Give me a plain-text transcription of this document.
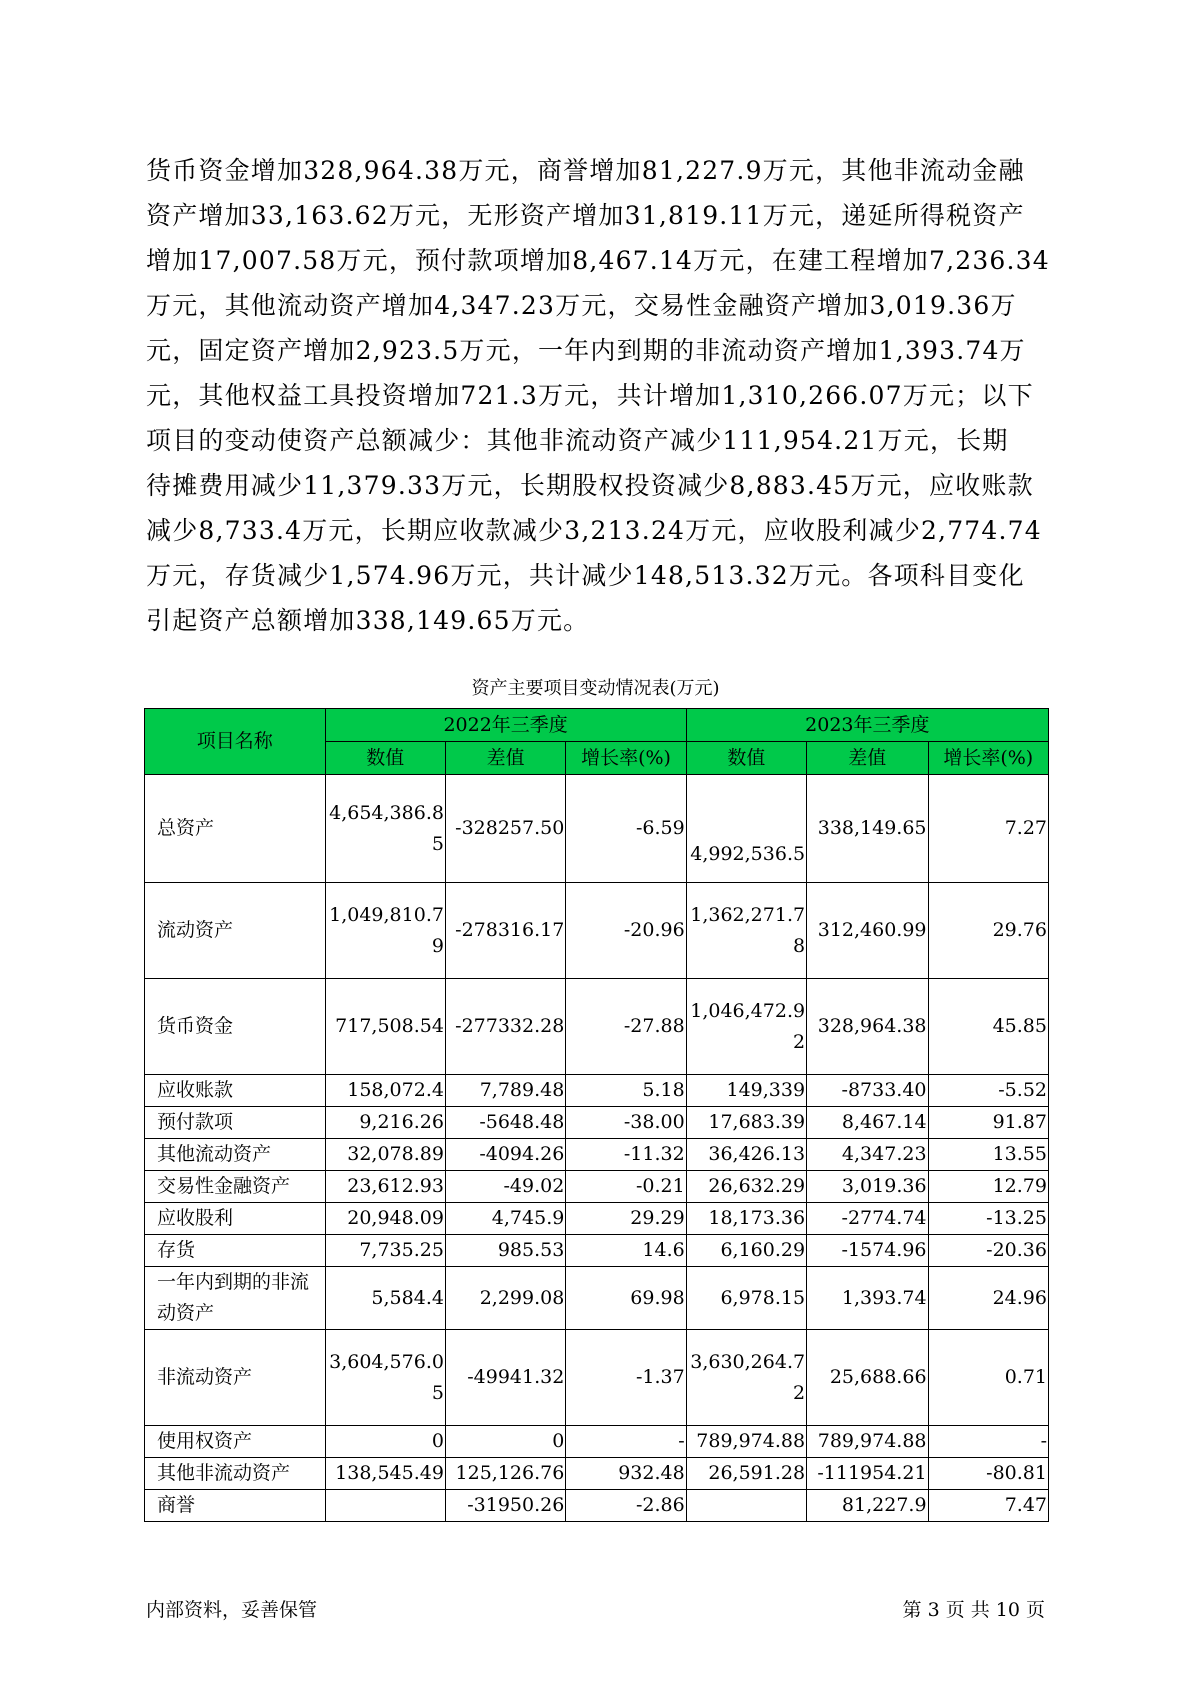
货币资金增加328,964.38万元，商誉增加81,227.9万元，其他非流动金融

资产增加33,163.62万元，无形资产增加31,819.11万元，递延所得税资产

增加17,007.58万元，预付款项增加8,467.14万元，在建工程增加7,236.34

万元，其他流动资产增加4,347.23万元，交易性金融资产增加3,019.36万

元，固定资产增加2,923.5万元，一年内到期的非流动资产增加1,393.74万

元，其他权益工具投资增加721.3万元，共计增加1,310,266.07万元；以下

项目的变动使资产总额减少：其他非流动资产减少111,954.21万元，长期

待摊费用减少11,379.33万元，长期股权投资减少8,883.45万元，应收账款

减少8,733.4万元，长期应收款减少3,213.24万元，应收股利减少2,774.74

万元，存货减少1,574.96万元，共计减少148,513.32万元。各项科目变化

引起资产总额增加338,149.65万元。

资产主要项目变动情况表(万元)
项目名称	2022年三季度			2023年三季度		
	数值	差值	增长率(%)	数值	差值	增长率(%)
总资产	4,654,386.85	-328257.50	-6.59	4,992,536.5	338,149.65	7.27
流动资产	1,049,810.79	-278316.17	-20.96	1,362,271.78	312,460.99	29.76
货币资金	717,508.54	-277332.28	-27.88	1,046,472.92	328,964.38	45.85
应收账款	158,072.4	7,789.48	5.18	149,339	-8733.40	-5.52
预付款项	9,216.26	-5648.48	-38.00	17,683.39	8,467.14	91.87
其他流动资产	32,078.89	-4094.26	-11.32	36,426.13	4,347.23	13.55
交易性金融资产	23,612.93	-49.02	-0.21	26,632.29	3,019.36	12.79
应收股利	20,948.09	4,745.9	29.29	18,173.36	-2774.74	-13.25
存货	7,735.25	985.53	14.6	6,160.29	-1574.96	-20.36
一年内到期的非流动资产	5,584.4	2,299.08	69.98	6,978.15	1,393.74	24.96
非流动资产	3,604,576.05	-49941.32	-1.37	3,630,264.72	25,688.66	0.71
使用权资产	0	0	-	789,974.88	789,974.88	-
其他非流动资产	138,545.49	125,126.76	932.48	26,591.28	-111954.21	-80.81
商誉		-31950.26	-2.86		81,227.9	7.47
内部资料，妥善保管	第 3 页 共 10 页
